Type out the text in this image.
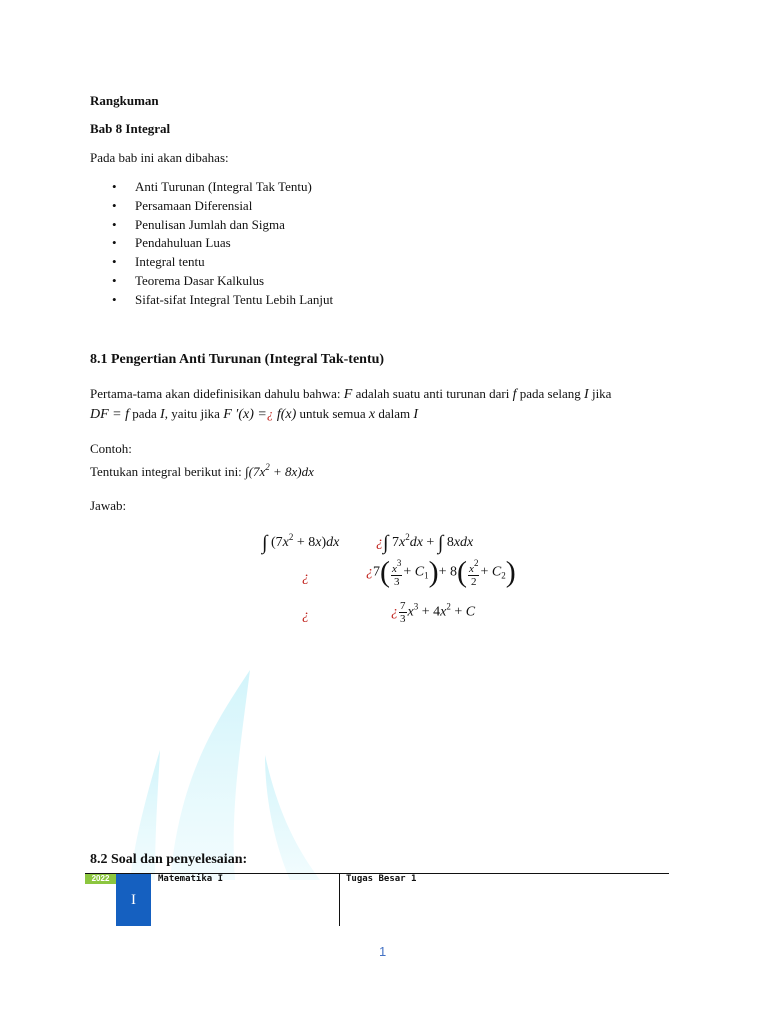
Rangkuman
Bab 8 Integral
Pada bab ini akan dibahas:
• Anti Turunan (Integral Tak Tentu)
• Persamaan Diferensial
• Penulisan Jumlah dan Sigma
• Pendahuluan Luas
• Integral tentu
• Teorema Dasar Kalkulus
• Sifat-sifat Integral Tentu Lebih Lanjut
8.1 Pengertian Anti Turunan (Integral Tak-tentu)
Pertama-tama akan didefinisikan dahulu bahwa: F adalah suatu anti turunan dari f pada selang I jika
DF = f pada I, yaitu jika F ′(x) =¿ f(x) untuk semua x dalam I
Contoh:
Tentukan integral berikut ini: $\int(7x^2 + 8x)dx$
Jawab:
∫ $(7x^2 + 8x)dx$	¿∫ $7x^2dx$ + ∫ 8xdx
¿	¿$7( \frac{x^3}{3} + C_1)+ 8( \frac{x^2}{2} + C_2)$
¿	¿ $\frac{7}{3} x^3 + 4x^2 + C$
8.2 Soal dan penyelesaian:
2022
I
Matematika I	Tugas Besar 1
1
